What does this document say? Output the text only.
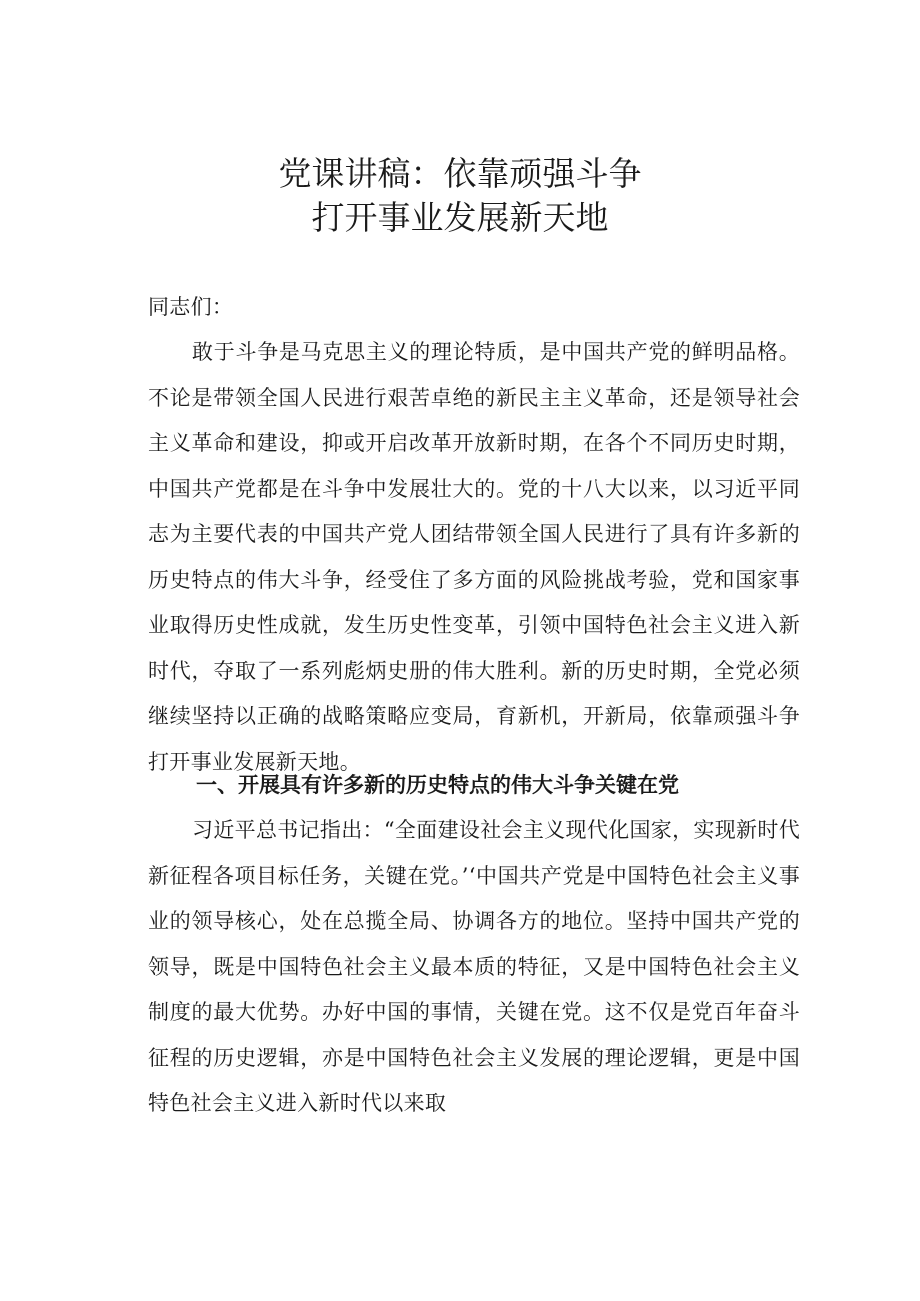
党课讲稿：依靠顽强斗争
打开事业发展新天地
同志们：
敢于斗争是马克思主义的理论特质，是中国共产党的鲜明品格。不论是带领全国人民进行艰苦卓绝的新民主主义革命，还是领导社会主义革命和建设，抑或开启改革开放新时期，在各个不同历史时期，中国共产党都是在斗争中发展壮大的。党的十八大以来，以习近平同志为主要代表的中国共产党人团结带领全国人民进行了具有许多新的历史特点的伟大斗争，经受住了多方面的风险挑战考验，党和国家事业取得历史性成就，发生历史性变革，引领中国特色社会主义进入新时代，夺取了一系列彪炳史册的伟大胜利。新的历史时期，全党必须继续坚持以正确的战略策略应变局，育新机，开新局，依靠顽强斗争打开事业发展新天地。
一、开展具有许多新的历史特点的伟大斗争关键在党
习近平总书记指出：“全面建设社会主义现代化国家，实现新时代新征程各项目标任务，关键在党。’‘中国共产党是中国特色社会主义事业的领导核心，处在总揽全局、协调各方的地位。坚持中国共产党的领导，既是中国特色社会主义最本质的特征，又是中国特色社会主义制度的最大优势。办好中国的事情，关键在党。这不仅是党百年奋斗征程的历史逻辑，亦是中国特色社会主义发展的理论逻辑，更是中国特色社会主义进入新时代以来取
